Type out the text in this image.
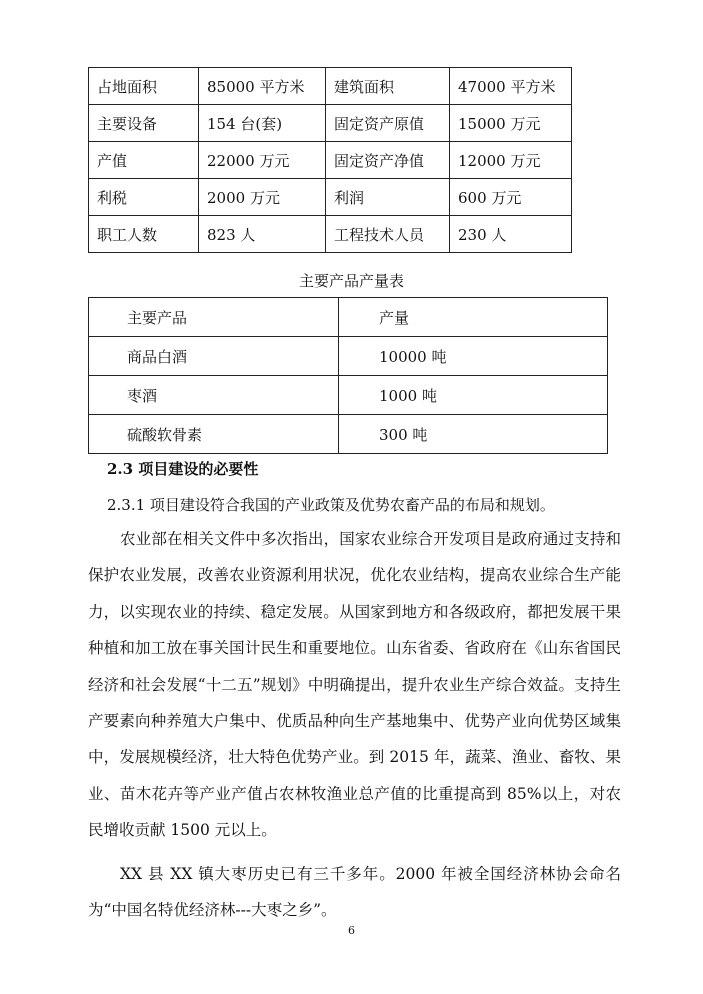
占地面积	85000 平方米	建筑面积	47000 平方米
主要设备	154 台(套)	固定资产原值	15000 万元
产值	22000 万元	固定资产净值	12000 万元
利税	2000 万元	利润	600 万元
职工人数	823 人	工程技术人员	230 人
主要产品产量表
主要产品	产量
商品白酒	10000 吨
枣酒	1000 吨
硫酸软骨素	300 吨
2.3 项目建设的必要性
2.3.1 项目建设符合我国的产业政策及优势农畜产品的布局和规划。

农业部在相关文件中多次指出，国家农业综合开发项目是政府通过支持和保护农业发展，改善农业资源利用状况，优化农业结构，提高农业综合生产能力，以实现农业的持续、稳定发展。从国家到地方和各级政府，都把发展干果种植和加工放在事关国计民生和重要地位。山东省委、省政府在《山东省国民经济和社会发展“十二五”规划》中明确提出，提升农业生产综合效益。支持生产要素向种养殖大户集中、优质品种向生产基地集中、优势产业向优势区域集中，发展规模经济，壮大特色优势产业。到 2015 年，蔬菜、渔业、畜牧、果业、苗木花卉等产业产值占农林牧渔业总产值的比重提高到 85%以上，对农民增收贡献 1500 元以上。

XX 县 XX 镇大枣历史已有三千多年。2000 年被全国经济林协会命名为“中国名特优经济林---大枣之乡”。

6
